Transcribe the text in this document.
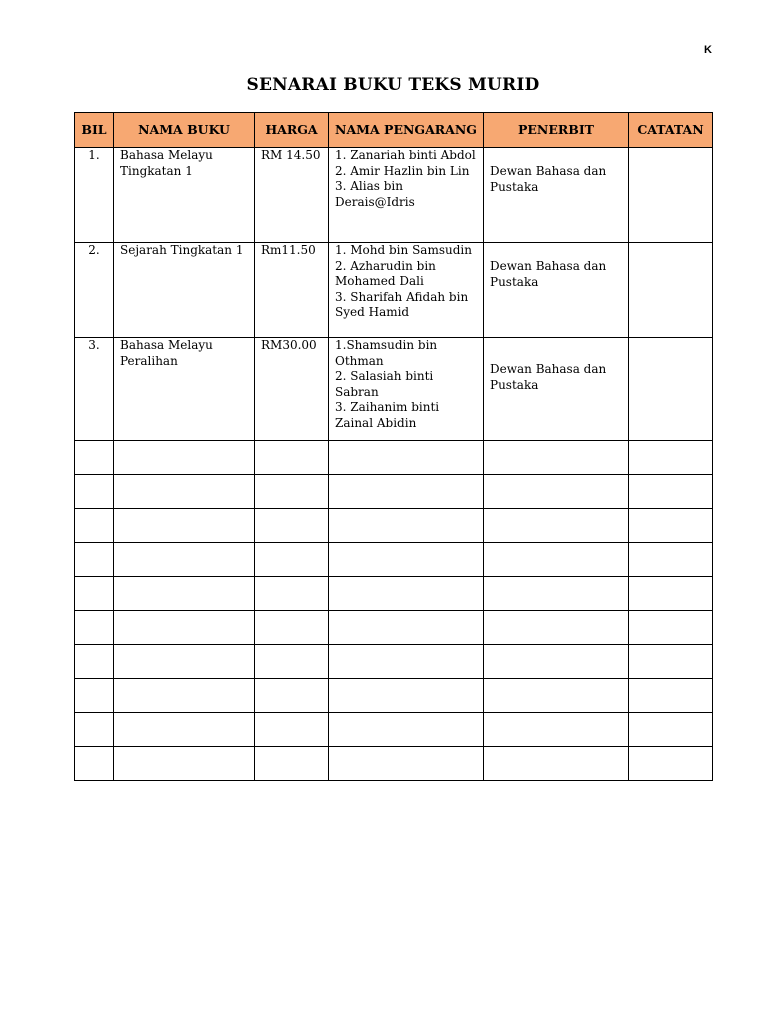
K
SENARAI BUKU TEKS MURID
BIL	NAMA BUKU	HARGA	NAMA PENGARANG	PENERBIT	CATATAN
1.	Bahasa Melayu Tingkatan 1	RM 14.50	1. Zanariah binti Abdol
2. Amir Hazlin bin Lin
3. Alias bin Derais@Idris	Dewan Bahasa dan Pustaka	
2.	Sejarah Tingkatan 1	Rm11.50	1. Mohd bin Samsudin
2. Azharudin bin Mohamed Dali
3. Sharifah Afidah bin Syed Hamid	Dewan Bahasa dan Pustaka	
3.	Bahasa Melayu Peralihan	RM30.00	1.Shamsudin bin Othman
2. Salasiah binti Sabran
3. Zaihanim binti Zainal Abidin	Dewan Bahasa dan Pustaka	
